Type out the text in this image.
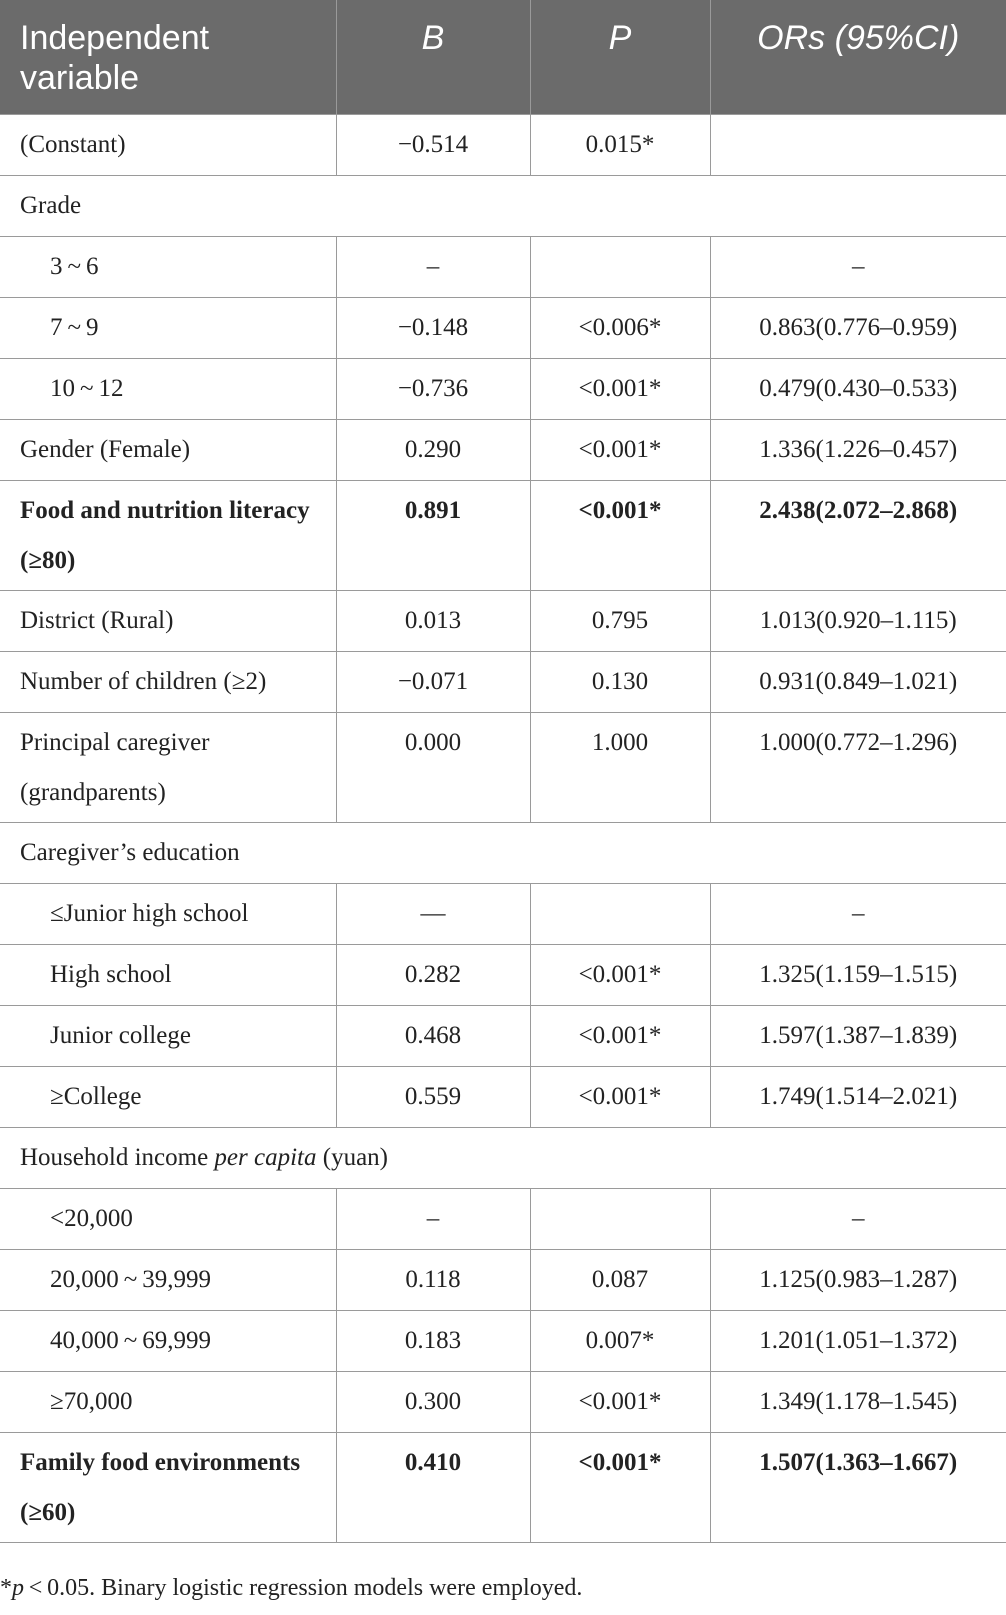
Independent variable	B	P	ORs (95%CI)
(Constant)	−0.514	0.015*	
Grade			
3 ~ 6	–		–
7 ~ 9	−0.148	<0.006*	0.863(0.776–0.959)
10 ~ 12	−0.736	<0.001*	0.479(0.430–0.533)
Gender (Female)	0.290	<0.001*	1.336(1.226–0.457)
Food and nutrition literacy (≥80)	0.891	<0.001*	2.438(2.072–2.868)
District (Rural)	0.013	0.795	1.013(0.920–1.115)
Number of children (≥2)	−0.071	0.130	0.931(0.849–1.021)
Principal caregiver (grandparents)	0.000	1.000	1.000(0.772–1.296)
Caregiver’s education			
≤Junior high school	—		–
High school	0.282	<0.001*	1.325(1.159–1.515)
Junior college	0.468	<0.001*	1.597(1.387–1.839)
≥College	0.559	<0.001*	1.749(1.514–2.021)
Household income per capita (yuan)			
<20,000	–		–
20,000 ~ 39,999	0.118	0.087	1.125(0.983–1.287)
40,000 ~ 69,999	0.183	0.007*	1.201(1.051–1.372)
≥70,000	0.300	<0.001*	1.349(1.178–1.545)
Family food environments (≥60)	0.410	<0.001*	1.507(1.363–1.667)
*p < 0.05. Binary logistic regression models were employed.
